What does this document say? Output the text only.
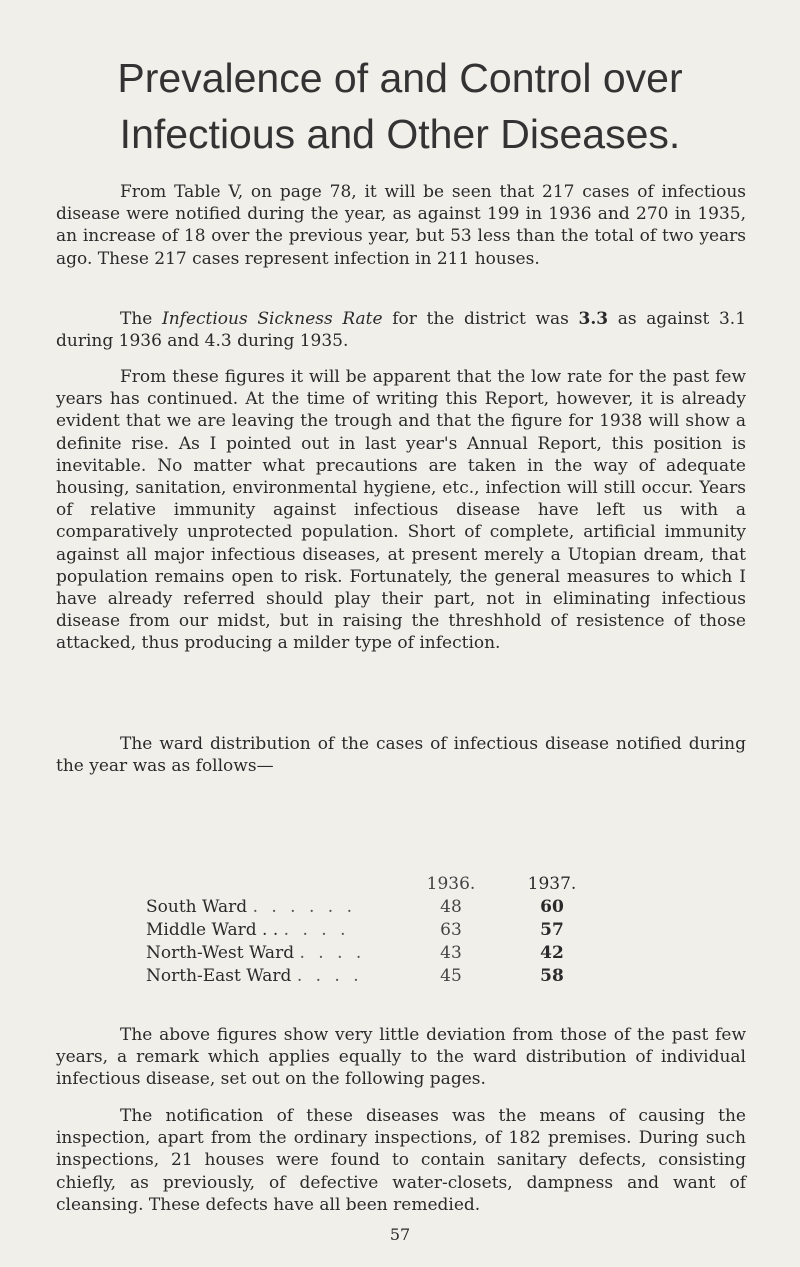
Prevalence of and Control over Infectious and Other Diseases.

From Table V, on page 78, it will be seen that 217 cases of infectious disease were notified during the year, as against 199 in 1936 and 270 in 1935, an increase of 18 over the previous year, but 53 less than the total of two years ago. These 217 cases represent infection in 211 houses.

The Infectious Sickness Rate for the district was 3.3 as against 3.1 during 1936 and 4.3 during 1935.

From these figures it will be apparent that the low rate for the past few years has continued. At the time of writing this Report, however, it is already evident that we are leaving the trough and that the figure for 1938 will show a definite rise. As I pointed out in last year's Annual Report, this position is inevitable. No matter what precautions are taken in the way of adequate housing, sanitation, environmental hygiene, etc., infection will still occur. Years of relative immunity against infectious disease have left us with a comparatively unprotected population. Short of complete, artificial immunity against all major infectious diseases, at present merely a Utopian dream, that population remains open to risk. Fortunately, the general measures to which I have already referred should play their part, not in eliminating infectious disease from our midst, but in raising the threshhold of resistence of those attacked, thus producing a milder type of infection.

The ward distribution of the cases of infectious disease notified during the year was as follows—

	1936.	1937.
South Ward . . . . . .	48	60
Middle Ward . . . . . .	63	57
North-West Ward . . . .	43	42
North-East Ward . . . .	45	58

The above figures show very little deviation from those of the past few years, a remark which applies equally to the ward distribution of individual infectious disease, set out on the following pages.

The notification of these diseases was the means of causing the inspection, apart from the ordinary inspections, of 182 premises. During such inspections, 21 houses were found to contain sanitary defects, consisting chiefly, as previously, of defective water-closets, dampness and want of cleansing. These defects have all been remedied.

57
